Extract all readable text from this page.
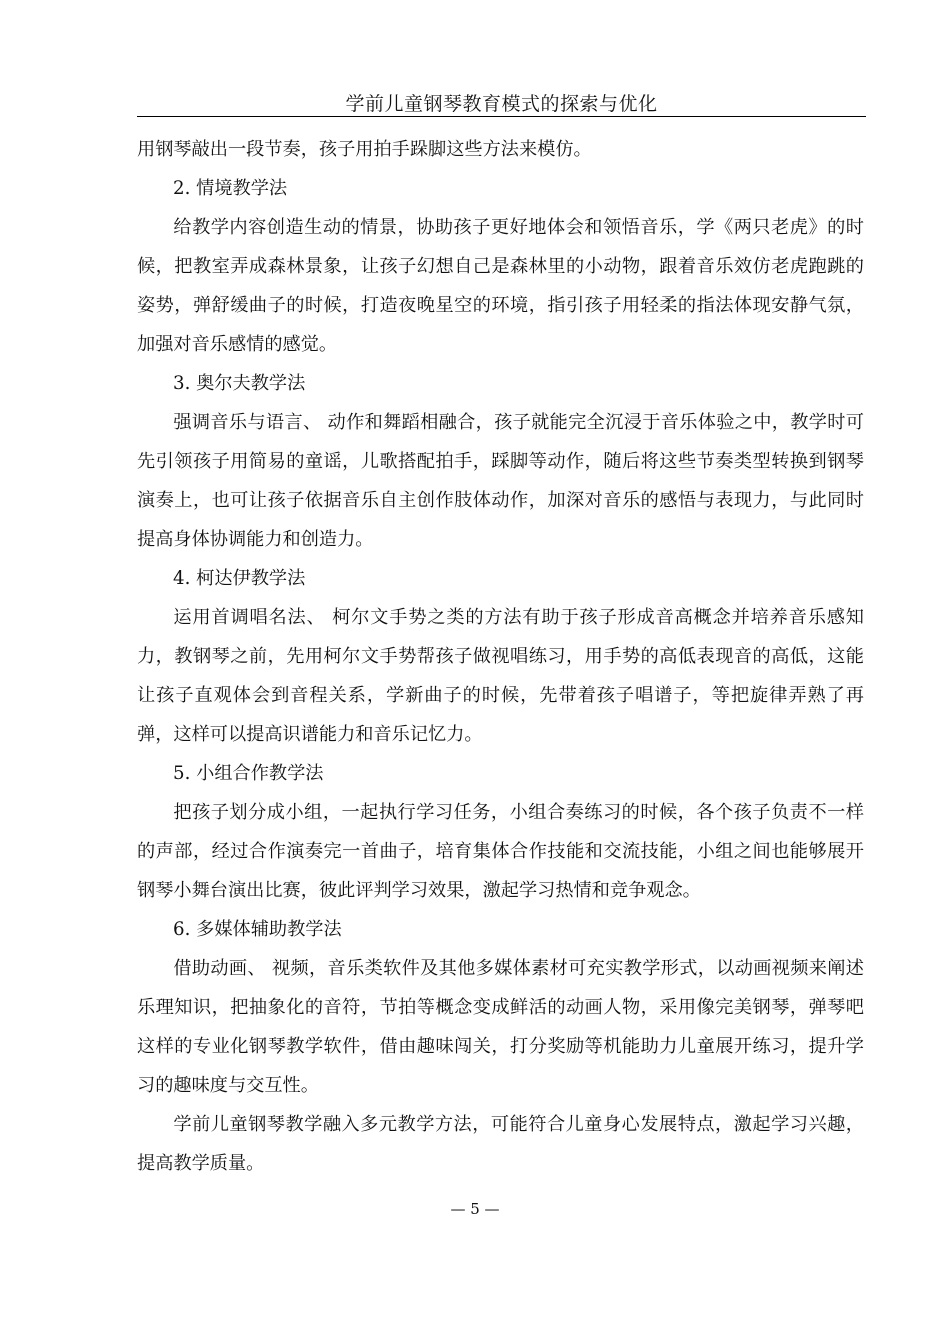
学前儿童钢琴教育模式的探索与优化

用钢琴敲出一段节奏，孩子用拍手跺脚这些方法来模仿。

2. 情境教学法

给教学内容创造生动的情景，协助孩子更好地体会和领悟音乐，学《两只老虎》的时候，把教室弄成森林景象，让孩子幻想自己是森林里的小动物，跟着音乐效仿老虎跑跳的姿势，弹舒缓曲子的时候，打造夜晚星空的环境，指引孩子用轻柔的指法体现安静气氛，加强对音乐感情的感觉。

3. 奥尔夫教学法

强调音乐与语言、 动作和舞蹈相融合，孩子就能完全沉浸于音乐体验之中，教学时可先引领孩子用简易的童谣，儿歌搭配拍手，踩脚等动作，随后将这些节奏类型转换到钢琴演奏上，也可让孩子依据音乐自主创作肢体动作，加深对音乐的感悟与表现力，与此同时提高身体协调能力和创造力。

4. 柯达伊教学法

运用首调唱名法、 柯尔文手势之类的方法有助于孩子形成音高概念并培养音乐感知力，教钢琴之前，先用柯尔文手势帮孩子做视唱练习，用手势的高低表现音的高低，这能让孩子直观体会到音程关系，学新曲子的时候，先带着孩子唱谱子，等把旋律弄熟了再弹，这样可以提高识谱能力和音乐记忆力。

5. 小组合作教学法

把孩子划分成小组，一起执行学习任务，小组合奏练习的时候，各个孩子负责不一样的声部，经过合作演奏完一首曲子，培育集体合作技能和交流技能，小组之间也能够展开钢琴小舞台演出比赛，彼此评判学习效果，激起学习热情和竞争观念。

6. 多媒体辅助教学法

借助动画、 视频，音乐类软件及其他多媒体素材可充实教学形式，以动画视频来阐述乐理知识，把抽象化的音符，节拍等概念变成鲜活的动画人物，采用像完美钢琴，弹琴吧这样的专业化钢琴教学软件，借由趣味闯关，打分奖励等机能助力儿童展开练习，提升学习的趣味度与交互性。

学前儿童钢琴教学融入多元教学方法，可能符合儿童身心发展特点，激起学习兴趣，提高教学质量。

— 5 —
